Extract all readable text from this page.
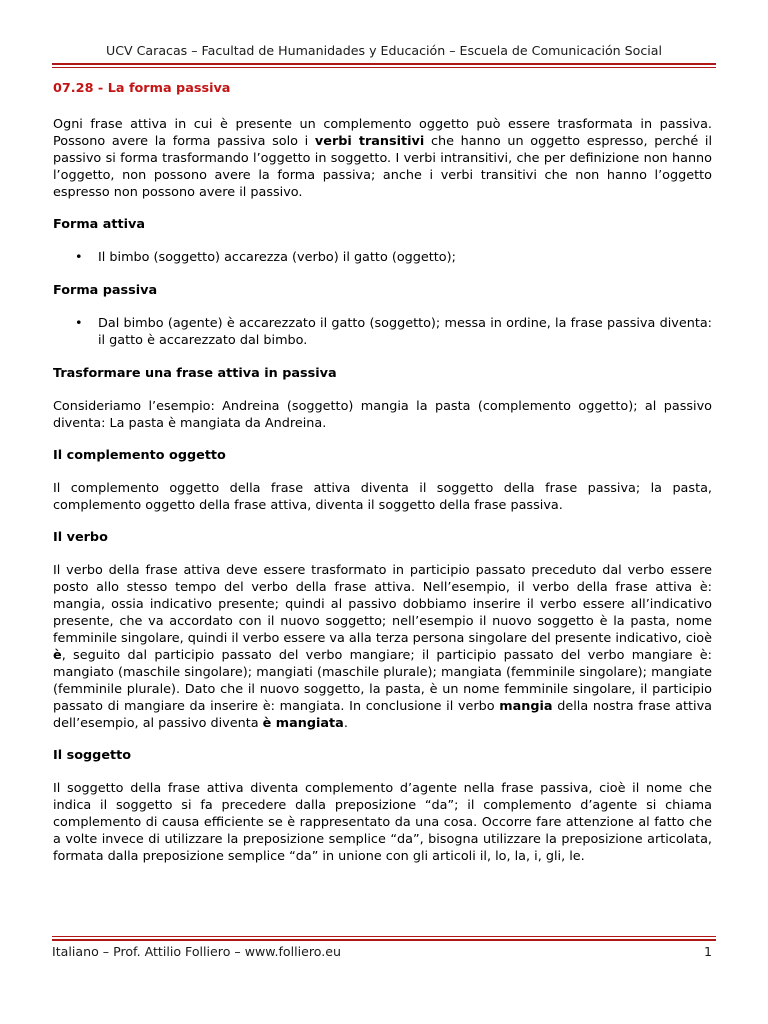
UCV Caracas – Facultad de Humanidades y Educación – Escuela de Comunicación Social
07.28 - La forma passiva

Ogni frase attiva in cui è presente un complemento oggetto può essere trasformata in passiva. Possono avere la forma passiva solo i verbi transitivi che hanno un oggetto espresso, perché il passivo si forma trasformando l’oggetto in soggetto. I verbi intransitivi, che per definizione non hanno l’oggetto, non possono avere la forma passiva; anche i verbi transitivi che non hanno l’oggetto espresso non possono avere il passivo.

Forma attiva
• Il bimbo (soggetto) accarezza (verbo) il gatto (oggetto);
Forma passiva
• Dal bimbo (agente) è accarezzato il gatto (soggetto); messa in ordine, la frase passiva diventa: il gatto è accarezzato dal bimbo.
Trasformare una frase attiva in passiva

Consideriamo l’esempio: Andreina (soggetto) mangia la pasta (complemento oggetto); al passivo diventa: La pasta è mangiata da Andreina.

Il complemento oggetto

Il complemento oggetto della frase attiva diventa il soggetto della frase passiva; la pasta, complemento oggetto della frase attiva, diventa il soggetto della frase passiva.

Il verbo

Il verbo della frase attiva deve essere trasformato in participio passato preceduto dal verbo essere posto allo stesso tempo del verbo della frase attiva. Nell’esempio, il verbo della frase attiva è: mangia, ossia indicativo presente; quindi al passivo dobbiamo inserire il verbo essere all’indicativo presente, che va accordato con il nuovo soggetto; nell’esempio il nuovo soggetto è la pasta, nome femminile singolare, quindi il verbo essere va alla terza persona singolare del presente indicativo, cioè è, seguito dal participio passato del verbo mangiare; il participio passato del verbo mangiare è: mangiato (maschile singolare); mangiati (maschile plurale); mangiata (femminile singolare); mangiate (femminile plurale). Dato che il nuovo soggetto, la pasta, è un nome femminile singolare, il participio passato di mangiare da inserire è: mangiata. In conclusione il verbo mangia della nostra frase attiva dell’esempio, al passivo diventa è mangiata.

Il soggetto

Il soggetto della frase attiva diventa complemento d’agente nella frase passiva, cioè il nome che indica il soggetto si fa precedere dalla preposizione “da”; il complemento d’agente si chiama complemento di causa efficiente se è rappresentato da una cosa. Occorre fare attenzione al fatto che a volte invece di utilizzare la preposizione semplice “da”, bisogna utilizzare la preposizione articolata, formata dalla preposizione semplice “da” in unione con gli articoli il, lo, la, i, gli, le.

Italiano – Prof. Attilio Folliero – www.folliero.eu	1
